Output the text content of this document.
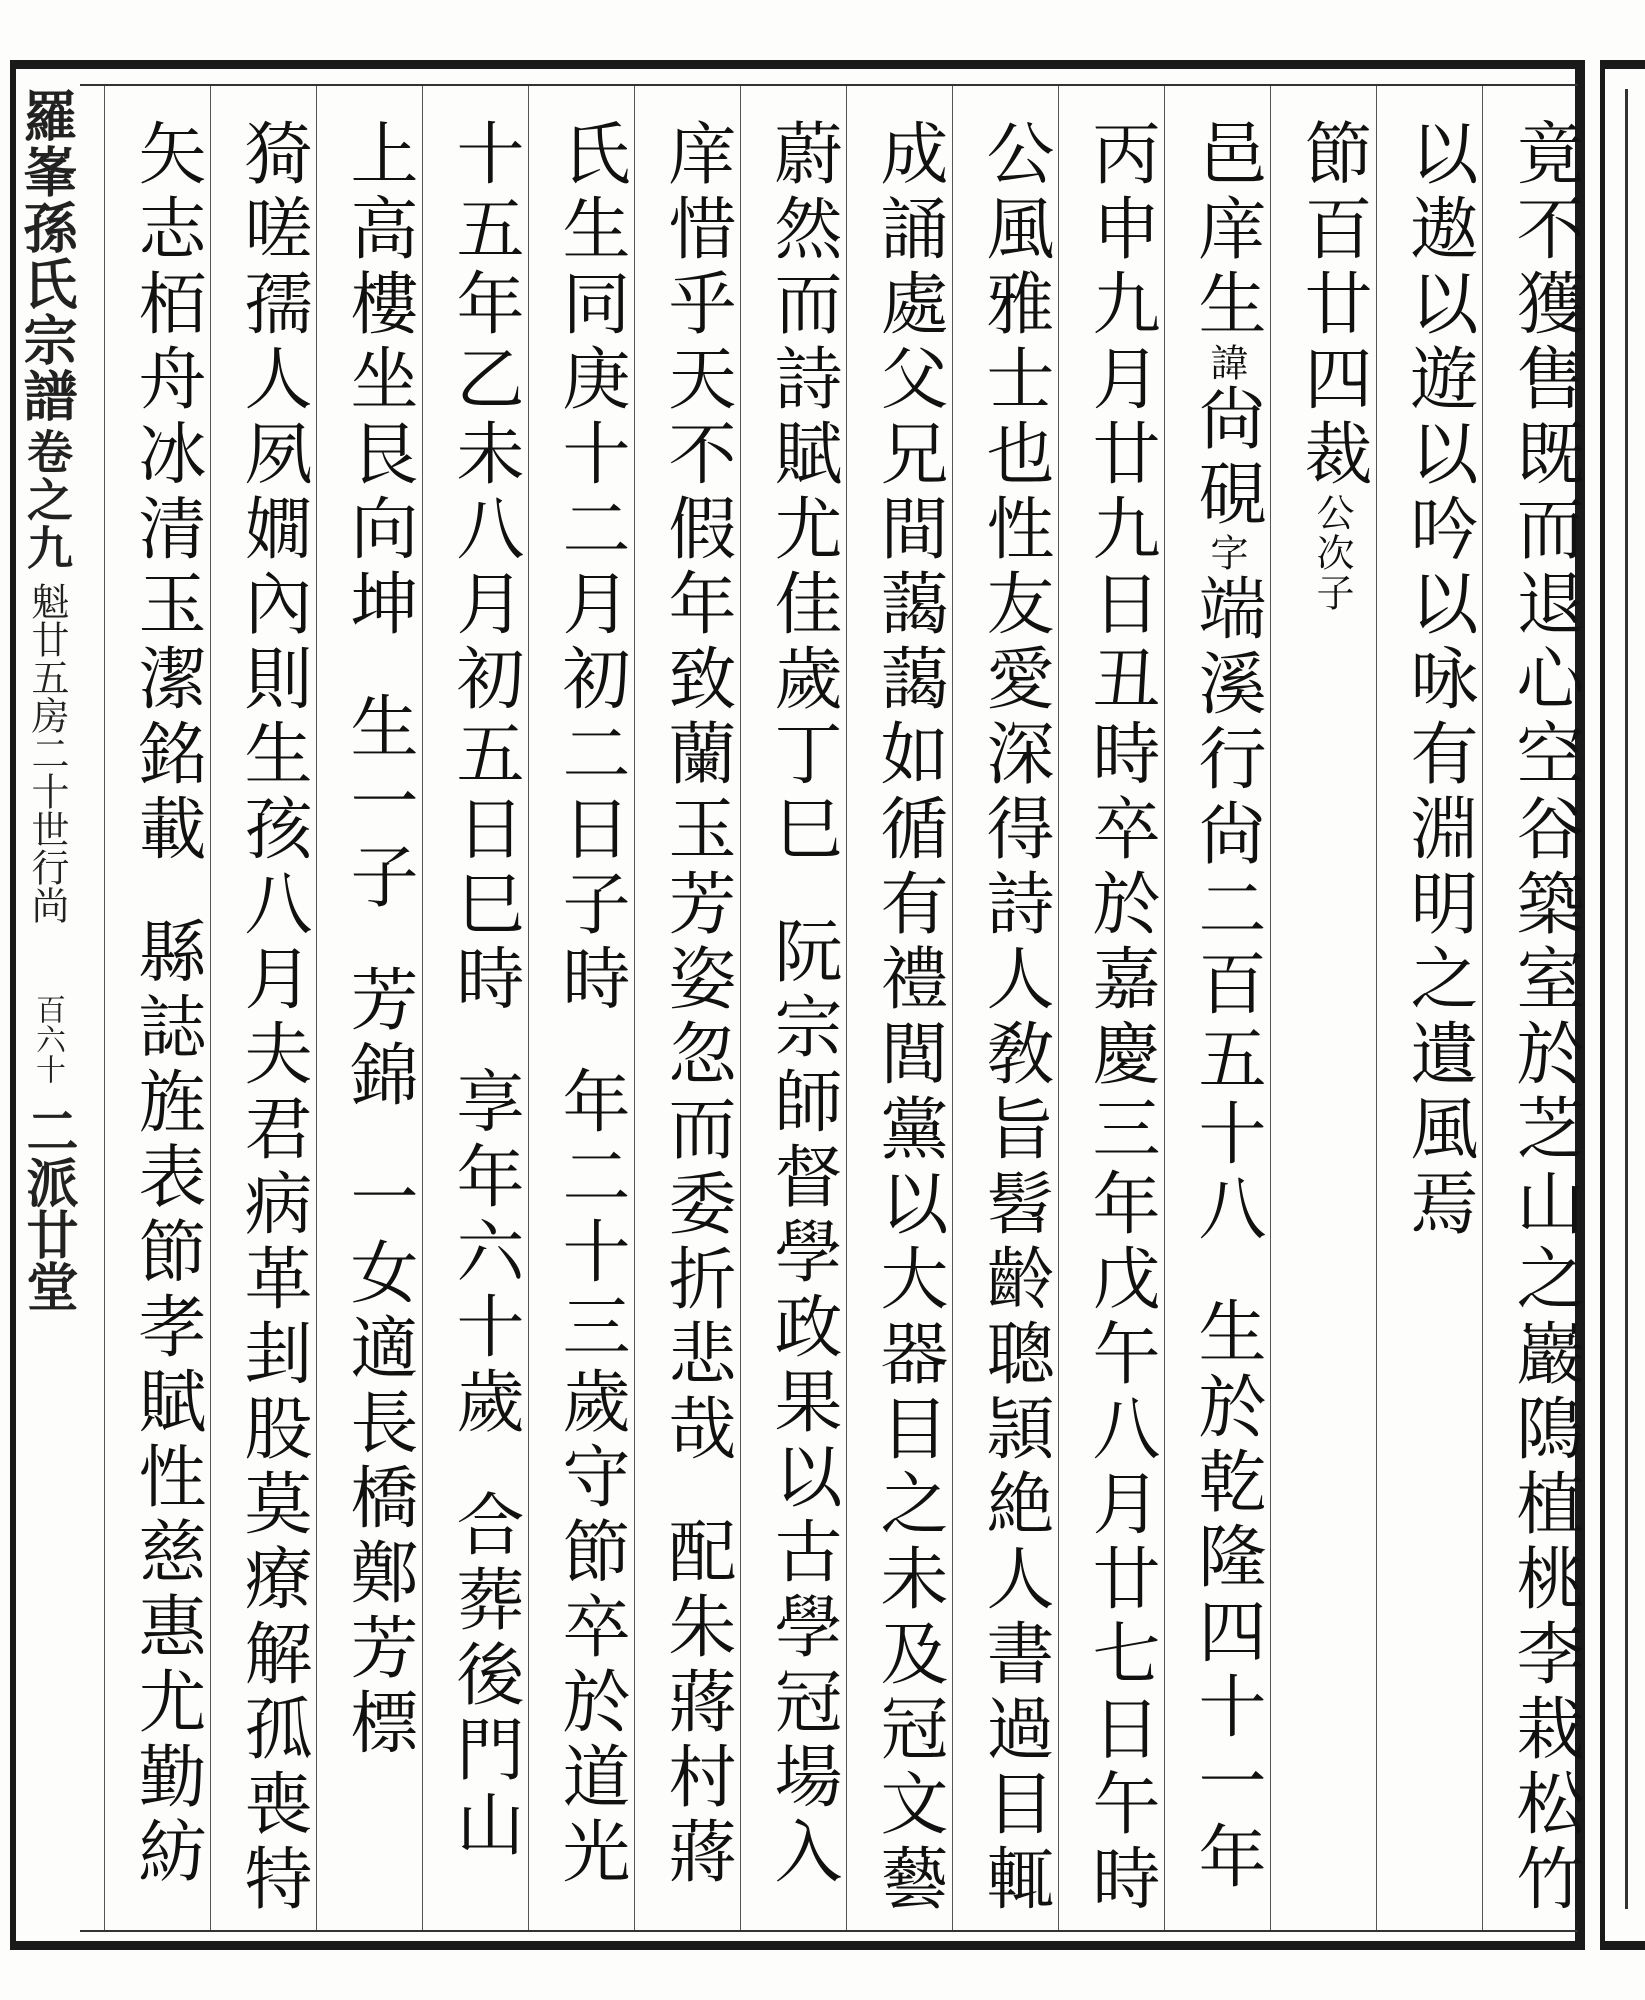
羅峯孫氏宗譜
卷之九
魁廿五房二十世行尚
百六十
二派廿堂	竟不獲售既而退心空谷築室於芝山之巖隝植桃李栽松竹
以遨以遊以吟以咏有淵明之遺風焉
節百廿四裁公次子
邑庠生諱尙硯字端溪行尙二百五十八生於乾隆四十一年
丙申九月廿九日丑時卒於嘉慶三年戊午八月廿七日午時
公風雅士也性友愛深得詩人敎旨髫齡聰頴絶人書過目輒
成誦處父兄間藹藹如循有禮閭黨以大器目之未及冠文藝
蔚然而詩賦尤佳歲丁巳阮宗師督學政果以古學冠場入
庠惜乎天不假年致蘭玉芳姿忽而委折悲哉配朱蔣村蔣
氏生同庚十二月初二日子時年二十三歲守節卒於道光
十五年乙未八月初五日巳時享年六十歲合葬後門山
上高樓坐艮向坤生一子芳錦一女適長橋鄭芳標
猗嗟孺人夙嫺內則生孩八月夫君病革刲股莫療解孤喪特
矢志栢舟冰清玉潔銘載縣誌旌表節孝賦性慈惠尤勤紡
